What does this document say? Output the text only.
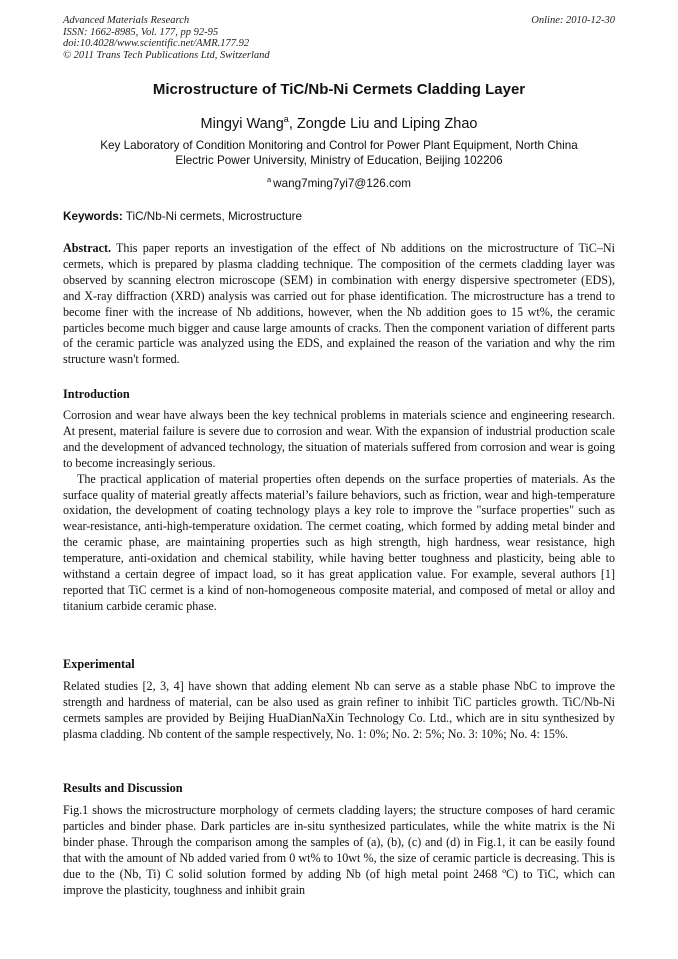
Advanced Materials Research
ISSN: 1662-8985, Vol. 177, pp 92-95
doi:10.4028/www.scientific.net/AMR.177.92
© 2011 Trans Tech Publications Ltd, Switzerland
Online: 2010-12-30
Microstructure of TiC/Nb-Ni Cermets Cladding Layer
Mingyi Wang$^a$, Zongde Liu and Liping Zhao
Key Laboratory of Condition Monitoring and Control for Power Plant Equipment, North China
Electric Power University, Ministry of Education, Beijing 102206
$^a$ wang7ming7yi7@126.com
Keywords: TiC/Nb-Ni cermets, Microstructure

Abstract. This paper reports an investigation of the effect of Nb additions on the microstructure of TiC–Ni cermets, which is prepared by plasma cladding technique. The composition of the cermets cladding layer was observed by scanning electron microscope (SEM) in combination with energy dispersive spectrometer (EDS), and X-ray diffraction (XRD) analysis was carried out for phase identification. The microstructure has a trend to become finer with the increase of Nb additions, however, when the Nb addition goes to 15 wt%, the ceramic particles become much bigger and cause large amounts of cracks. Then the component variation of different parts of the ceramic particle was analyzed using the EDS, and explained the reason of the variation and why the rim structure wasn't formed.

Introduction

Corrosion and wear have always been the key technical problems in materials science and engineering research. At present, material failure is severe due to corrosion and wear. With the expansion of industrial production scale and the development of advanced technology, the situation of materials suffered from corrosion and wear is going to become increasingly serious.

The practical application of material properties often depends on the surface properties of materials. As the surface quality of material greatly affects material’s failure behaviors, such as friction, wear and high-temperature oxidation, the development of coating technology plays a key role to improve the "surface properties" such as wear-resistance, anti-high-temperature oxidation. The cermet coating, which formed by adding metal binder and the ceramic phase, are maintaining properties such as high strength, high hardness, wear resistance, high temperature, anti-oxidation and chemical stability, while having better toughness and plasticity, being able to withstand a certain degree of impact load, so it has great application value. For example, several authors [1] reported that TiC cermet is a kind of non-homogeneous composite material, and composed of metal or alloy and titanium carbide ceramic phase.

Experimental

Related studies [2, 3, 4] have shown that adding element Nb can serve as a stable phase NbC to improve the strength and hardness of material, can be also used as grain refiner to inhibit TiC particles growth. TiC/Nb-Ni cermets samples are provided by Beijing HuaDianNaXin Technology Co. Ltd., which are in situ synthesized by plasma cladding. Nb content of the sample respectively, No. 1: 0%; No. 2: 5%; No. 3: 10%; No. 4: 15%.

Results and Discussion

Fig.1 shows the microstructure morphology of cermets cladding layers; the structure composes of hard ceramic particles and binder phase. Dark particles are in-situ synthesized particulates, while the white matrix is the Ni binder phase. Through the comparison among the samples of (a), (b), (c) and (d) in Fig.1, it can be easily found that with the amount of Nb added varied from 0 wt% to 10wt %, the size of ceramic particle is decreasing. This is due to the (Nb, Ti) C solid solution formed by adding Nb (of high metal point 2468 ºC) to TiC, which can improve the plasticity, toughness and inhibit grain
